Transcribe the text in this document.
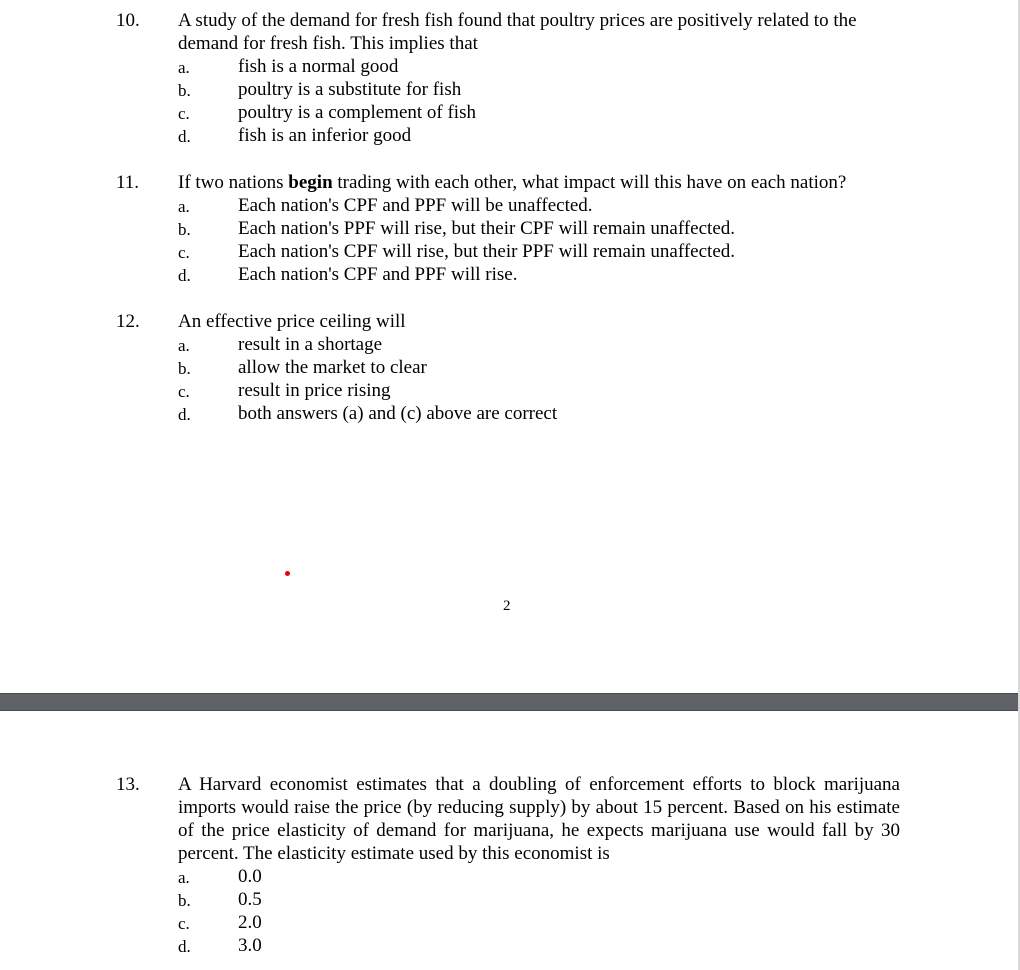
10. A study of the demand for fresh fish found that poultry prices are positively related to the demand for fresh fish. This implies that
a.	fish is a normal good
b. poultry is a substitute for fish
c.	poultry is a complement of fish
d. fish is an inferior good
11. If two nations begin trading with each other, what impact will this have on each nation?
a.	Each nation's CPF and PPF will be unaffected.
b. Each nation's PPF will rise, but their CPF will remain unaffected.
c.	Each nation's CPF will rise, but their PPF will remain unaffected.
d. Each nation's CPF and PPF will rise.
12. An effective price ceiling will
a.	result in a shortage
b. allow the market to clear
c.	result in price rising
d. both answers (a) and (c) above are correct
2
13. A Harvard economist estimates that a doubling of enforcement efforts to block marijuana imports would raise the price (by reducing supply) by about 15 percent. Based on his estimate of the price elasticity of demand for marijuana, he expects marijuana use would fall by 30 percent. The elasticity estimate used by this economist is
a.	0.0
b. 0.5
c.	2.0
d. 3.0
